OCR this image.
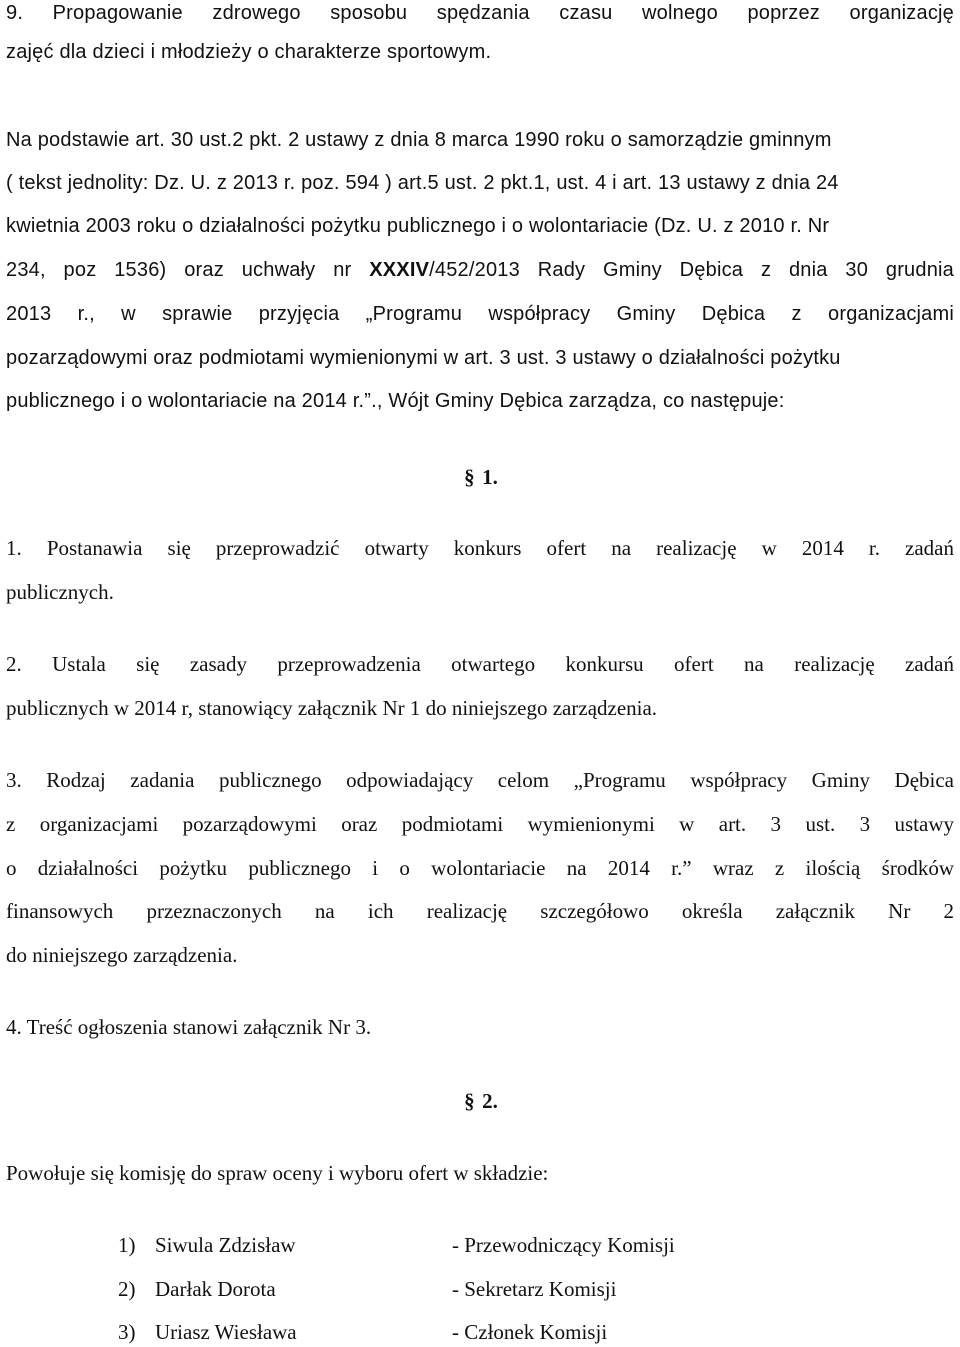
9. Propagowanie zdrowego sposobu spędzania czasu wolnego poprzez organizację
zajęć dla dzieci i młodzieży o charakterze sportowym.
Na podstawie art. 30 ust.2 pkt. 2 ustawy z dnia 8 marca 1990 roku o samorządzie gminnym
( tekst jednolity: Dz. U. z 2013 r. poz. 594 ) art.5 ust. 2 pkt.1, ust. 4 i art. 13 ustawy z dnia 24
kwietnia 2003 roku o działalności pożytku publicznego i o wolontariacie (Dz. U. z 2010 r. Nr
234, poz 1536) oraz uchwały nr XXXIV/452/2013 Rady Gminy Dębica z dnia 30 grudnia
2013 r., w sprawie przyjęcia „Programu współpracy Gminy Dębica z organizacjami
pozarządowymi oraz podmiotami wymienionymi w art. 3 ust. 3 ustawy o działalności pożytku
publicznego i o wolontariacie na 2014 r.”., Wójt Gminy Dębica zarządza, co następuje:
§ 1.
1. Postanawia się przeprowadzić otwarty konkurs ofert na realizację w 2014 r. zadań
publicznych.
2. Ustala się zasady przeprowadzenia otwartego konkursu ofert na realizację zadań
publicznych w 2014 r, stanowiący załącznik Nr 1 do niniejszego zarządzenia.
3. Rodzaj zadania publicznego odpowiadający celom „Programu współpracy Gminy Dębica
z organizacjami pozarządowymi oraz podmiotami wymienionymi w art. 3 ust. 3 ustawy
o działalności pożytku publicznego i o wolontariacie na 2014 r.” wraz z ilością środków
finansowych przeznaczonych na ich realizację szczegółowo określa załącznik Nr 2
do niniejszego zarządzenia.
4. Treść ogłoszenia stanowi załącznik Nr 3.
§ 2.
Powołuje się komisję do spraw oceny i wyboru ofert w składzie:
1) Siwula Zdzisław	- Przewodniczący Komisji
2) Darłak Dorota	- Sekretarz Komisji
3) Uriasz Wiesława	- Członek Komisji
